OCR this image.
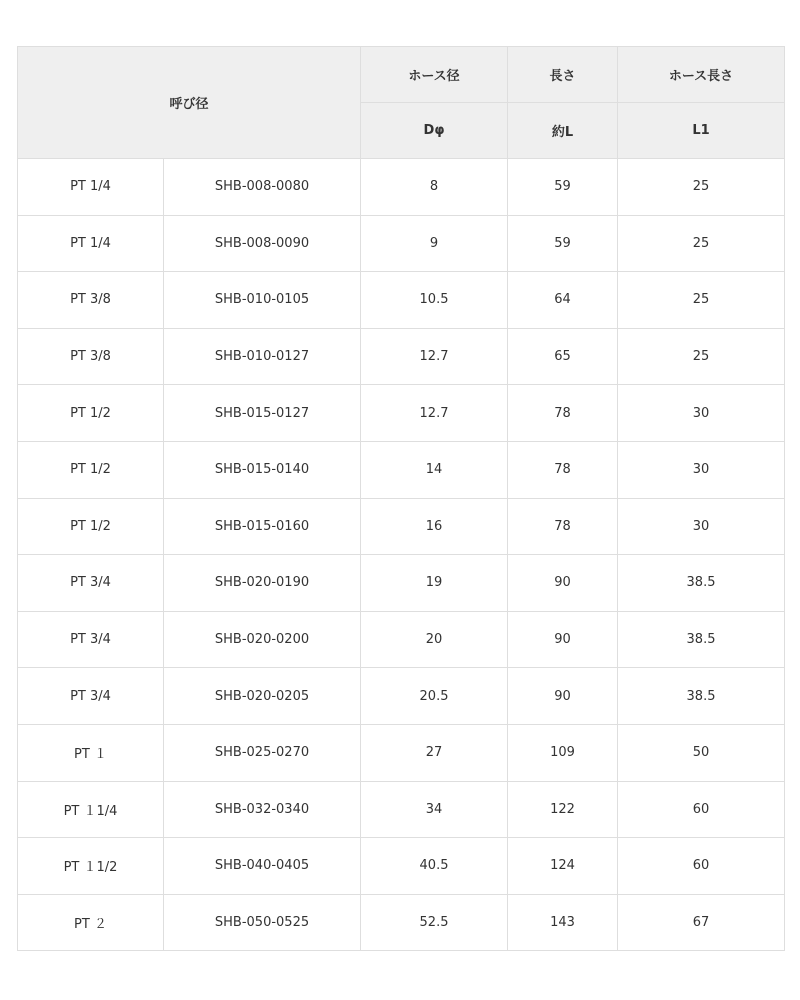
呼び径		ホース径	長さ	ホース長さ
		Dφ	約L	L1
PT 1/4	SHB-008-0080	8	59	25
PT 1/4	SHB-008-0090	9	59	25
PT 3/8	SHB-010-0105	10.5	64	25
PT 3/8	SHB-010-0127	12.7	65	25
PT 1/2	SHB-015-0127	12.7	78	30
PT 1/2	SHB-015-0140	14	78	30
PT 1/2	SHB-015-0160	16	78	30
PT 3/4	SHB-020-0190	19	90	38.5
PT 3/4	SHB-020-0200	20	90	38.5
PT 3/4	SHB-020-0205	20.5	90	38.5
PT １	SHB-025-0270	27	109	50
PT １1/4	SHB-032-0340	34	122	60
PT １1/2	SHB-040-0405	40.5	124	60
PT ２	SHB-050-0525	52.5	143	67
